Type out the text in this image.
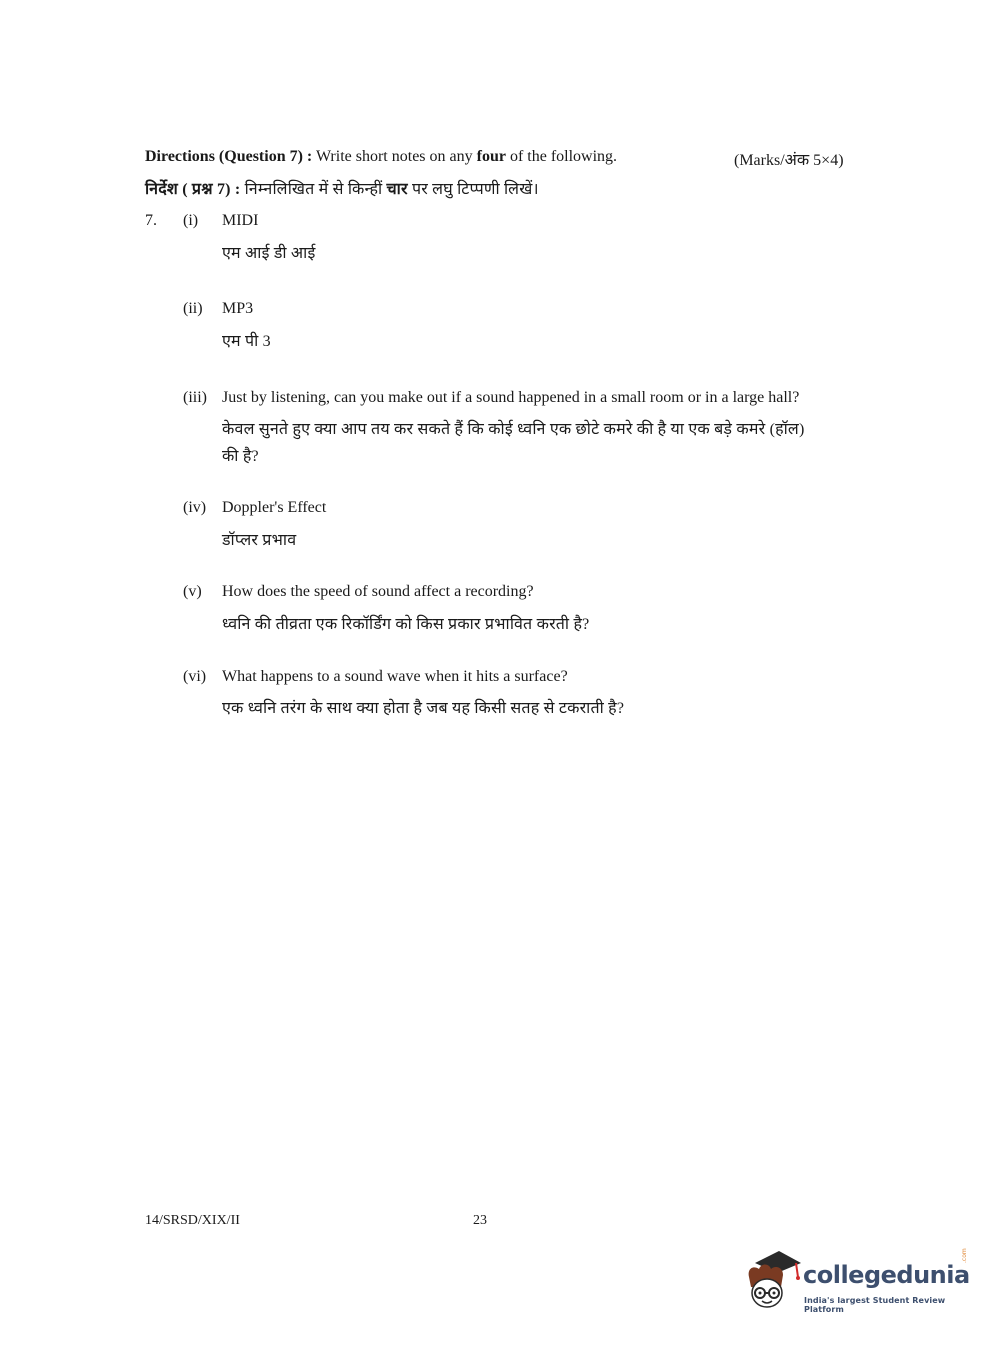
Directions (Question 7) : Write short notes on any four of the following.	(Marks/अंक 5×4)
निर्देश ( प्रश्न 7) : निम्नलिखित में से किन्हीं चार पर लघु टिप्पणी लिखें।
7. (i) MIDI
एम आई डी आई
(ii) MP3
एम पी 3
(iii) Just by listening, can you make out if a sound happened in a small room or in a large hall?
केवल सुनते हुए क्या आप तय कर सकते हैं कि कोई ध्वनि एक छोटे कमरे की है या एक बड़े कमरे (हॉल)
की है?
(iv) Doppler's Effect
डॉप्लर प्रभाव
(v) How does the speed of sound affect a recording?
ध्वनि की तीव्रता एक रिकॉर्डिंग को किस प्रकार प्रभावित करती है?
(vi) What happens to a sound wave when it hits a surface?
एक ध्वनि तरंग के साथ क्या होता है जब यह किसी सतह से टकराती है?
14/SRSD/XIX/II	23
collegedunia
.com
India's largest Student Review Platform
